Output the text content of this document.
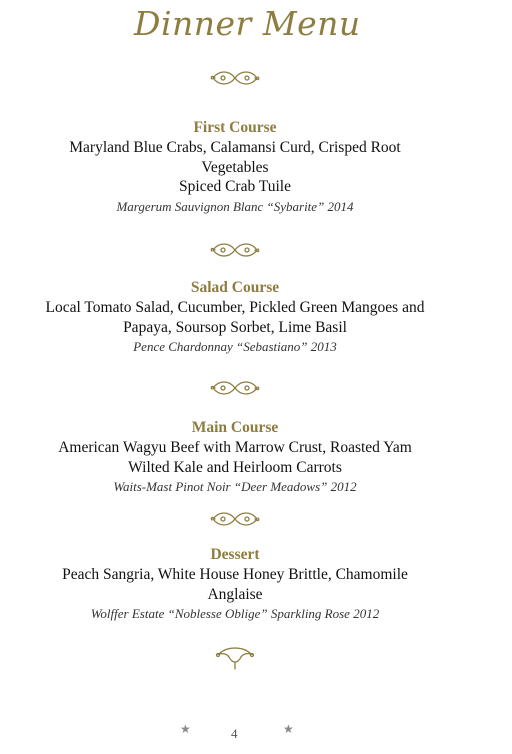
Dinner Menu
First Course
Maryland Blue Crabs, Calamansi Curd, Crisped Root
Vegetables
Spiced Crab Tuile
Margerum Sauvignon Blanc “Sybarite” 2014
Salad Course
Local Tomato Salad, Cucumber, Pickled Green Mangoes and
Papaya, Soursop Sorbet, Lime Basil
Pence Chardonnay “Sebastiano” 2013
Main Course
American Wagyu Beef with Marrow Crust, Roasted Yam
Wilted Kale and Heirloom Carrots
Waits-Mast Pinot Noir “Deer Meadows” 2012
Dessert
Peach Sangria, White House Honey Brittle, Chamomile
Anglaise
Wolffer Estate “Noblesse Oblige” Sparkling Rose 2012
★	4	★
